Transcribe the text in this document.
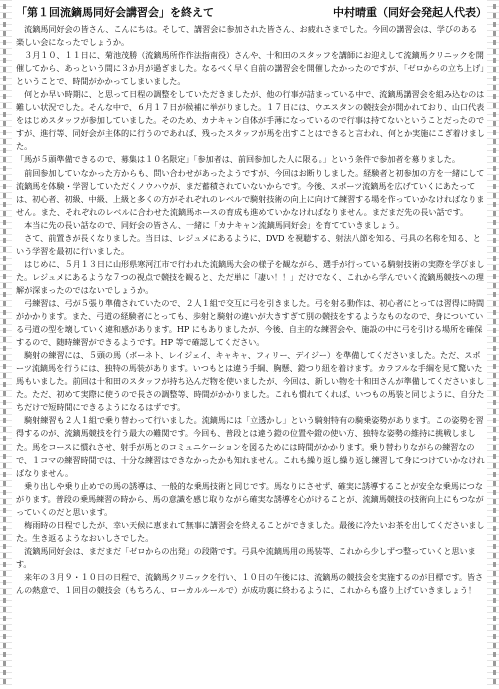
「第１回流鏑馬同好会講習会」を終えて	中村晴重（同好会発起人代表）

流鏑馬同好会の皆さん、こんにちは。そして、講習会に参加された皆さん、お疲れさまでした。今回の講習会は、学びのある楽しい会になったでしょうか。

３月１０、１１日に、菊池茂勝（流鏑馬所作作法指南役）さんや、十和田のスタッフを講師にお迎えして流鏑馬クリニックを開催してから、あっという間に３か月が過ぎました。なるべく早く自前の講習会を開催したかったのですが、「ゼロからの立ち上げ」ということで、時間がかかってしまいました。

何とか早い時期に、と思って日程の調整をしていただきましたが、他の行事が詰まっている中で、流鏑馬講習会を組み込むのは難しい状況でした。そんな中で、６月１７日が候補に挙がりました。１７日には、ウエスタンの競技会が開かれており、山口代表をはじめスタッフが参加していました。そのため、カナキャン自体が手薄になっているので行事は持てないということだったのですが、進行等、同好会が主体的に行うのであれば、残ったスタッフが馬を出すことはできると言われ、何とか実施にこぎ着けました。

「馬が５頭準備できるので、募集は１０名限定」「参加者は、前回参加した人に限る。」という条件で参加者を募りました。

前回参加していなかった方からも、問い合わせがあったようですが、今回はお断りしました。経験者と初参加の方を一緒にして流鏑馬を体験・学習していただくノウハウが、まだ蓄積されていないからです。今後、スポーツ流鏑馬を広げていくにあたっては、初心者、初級、中級、上級と多くの方がそれぞれのレベルで騎射技術の向上に向けて練習する場を作っていかなければなりません。また、それぞれのレベルに合わせた流鏑馬ホースの育成も進めていかなければなりません。まだまだ先の長い話です。

本当に先の長い話なので、同好会の皆さん、一緒に「カナキャン流鏑馬同好会」を育てていきましょう。

さて、前置きが長くなりました。当日は、レジュメにあるように、DVD を視聴する、射法八節を知る、弓具の名称を知る、という学習を最初に行いました。

はじめに、５月１３日に山形県寒河江市で行われた流鏑馬大会の様子を観ながら、選手が行っている騎射技術の実際を学びました。レジュメにあるような７つの視点で競技を観ると、ただ単に「凄い！！」だけでなく、これから学んでいく流鏑馬競技への理解が深まったのではないでしょうか。

弓練習は、弓が５張り準備されていたので、２人１組で交互に弓を引きました。弓を射る動作は、初心者にとっては習得に時間がかかります。また、弓道の経験者にとっても、歩射と騎射の違いが大きすぎて別の競技をするようなものなので、身についている弓道の型を壊していく違和感があります。HP にもありましたが、今後、自主的な練習会や、施設の中に弓を引ける場所を確保するので、随時練習ができるようです。HP 等で確認してください。

騎射の練習には、５頭の馬（ボーネト、レイジェイ、キャキャ、フィリー、デイジー）を準備してくださいました。ただ、スポーツ流鏑馬を行うには、独特の馬装があります。いつもとは違う手綱、胸懸、鐙つり紐を着けます。カラフルな手綱を見て驚いた馬もいました。前回は十和田のスタッフが持ち込んだ物を使いましたが、今回は、新しい物を十和田さんが準備してくださいました。ただ、初めて実際に使うので長さの調整等、時間がかかりました。これも慣れてくれば、いつもの馬装と同じように、自分たちだけで短時間にできるようになるはずです。

騎射練習も２人１組で乗り替わって行いました。流鏑馬には「立透かし」という騎射特有の騎乗姿勢があります。この姿勢を習得するのが、流鏑馬競技を行う最大の難関です。今回も、普段とは違う鐙の位置や鐙の使い方、独特な姿勢の維持に挑戦しました。馬をコースに慣れさせ、射手が馬とのコミュニケーションを図るためには時間がかかります。乗り替わりながらの練習なので、１コマの練習時間では、十分な練習はできなかったかも知れません。これも繰り返し繰り返し練習して身につけていかなければなりません。

乗り出しや乗り止めでの馬の誘導は、一般的な乗馬技術と同じです。馬なりにさせず、確実に誘導することが安全な乗馬につながります。普段の乗馬練習の時から、馬の意識を感じ取りながら確実な誘導を心がけることが、流鏑馬競技の技術向上にもつながっていくのだと思います。

梅雨時の日程でしたが、幸い天候に恵まれて無事に講習会を終えることができました。最後に冷たいお茶を出してくださいました。生き返るようなおいしさでした。

流鏑馬同好会は、まだまだ「ゼロからの出発」の段階です。弓具や流鏑馬用の馬装等、これから少しずつ整っていくと思います。

来年の３月９・１０日の日程で、流鏑馬クリニックを行い、１０日の午後には、流鏑馬の競技会を実施するのが目標です。皆さんの熱意で、１回目の競技会（もちろん、ローカルルールで）が成功裏に終わるように、これからも盛り上げていきましょう！
